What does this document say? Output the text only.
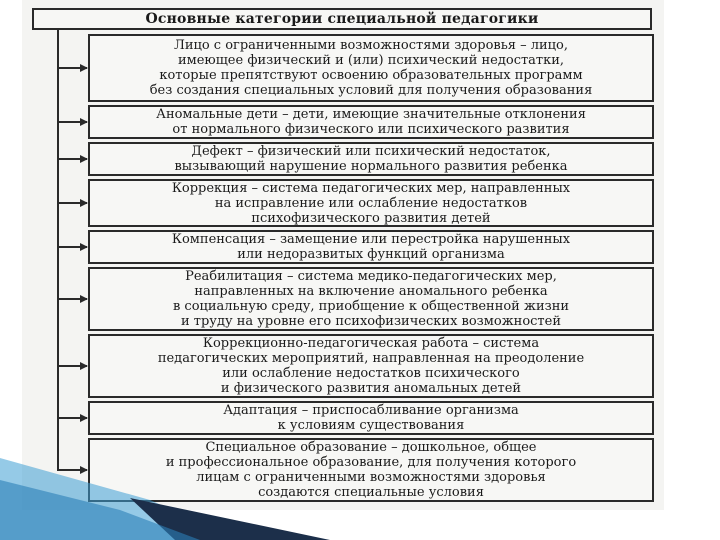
Основные категории специальной педагогики
Лицо с ограниченными возможностями здоровья – лицо,
имеющее физический и (или) психический недостатки,
которые препятствуют освоению образовательных программ
без создания специальных условий для получения образования
Аномальные дети – дети, имеющие значительные отклонения
от нормального физического или психического развития
Дефект – физический или психический недостаток,
вызывающий нарушение нормального развития ребенка
Коррекция – система педагогических мер, направленных
на исправление или ослабление недостатков
психофизического развития детей
Компенсация – замещение или перестройка нарушенных
или недоразвитых функций организма
Реабилитация – система медико-педагогических мер,
направленных на включение аномального ребенка
в социальную среду, приобщение к общественной жизни
и труду на уровне его психофизических возможностей
Коррекционно-педагогическая работа – система
педагогических мероприятий, направленная на преодоление
или ослабление недостатков психического
и физического развития аномальных детей
Адаптация – приспосабливание организма
к условиям существования
Специальное образование – дошкольное, общее
и профессиональное образование, для получения которого
лицам с ограниченными возможностями здоровья
создаются специальные условия
